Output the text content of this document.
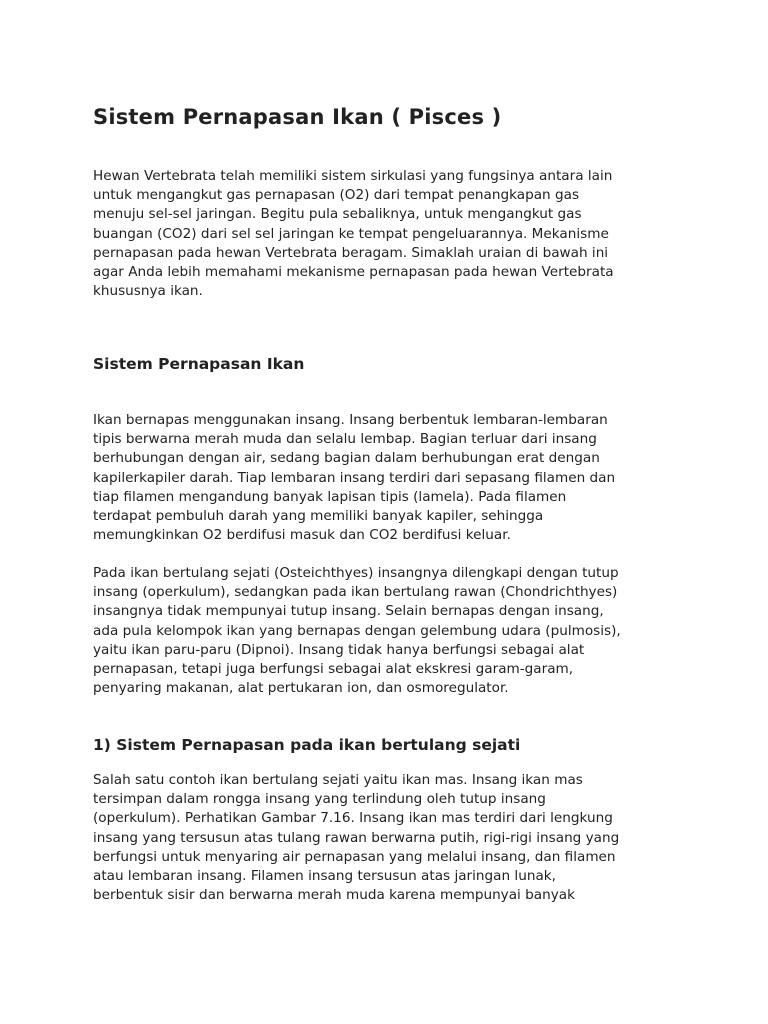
Sistem Pernapasan Ikan ( Pisces )

Hewan Vertebrata telah memiliki sistem sirkulasi yang fungsinya antara lain
untuk mengangkut gas pernapasan (O2) dari tempat penangkapan gas
menuju sel-sel jaringan. Begitu pula sebaliknya, untuk mengangkut gas
buangan (CO2) dari sel sel jaringan ke tempat pengeluarannya. Mekanisme
pernapasan pada hewan Vertebrata beragam. Simaklah uraian di bawah ini
agar Anda lebih memahami mekanisme pernapasan pada hewan Vertebrata
khususnya ikan.

Sistem Pernapasan Ikan

Ikan bernapas menggunakan insang. Insang berbentuk lembaran-lembaran
tipis berwarna merah muda dan selalu lembap. Bagian terluar dari insang
berhubungan dengan air, sedang bagian dalam berhubungan erat dengan
kapilerkapiler darah. Tiap lembaran insang terdiri dari sepasang filamen dan
tiap filamen mengandung banyak lapisan tipis (lamela). Pada filamen
terdapat pembuluh darah yang memiliki banyak kapiler, sehingga
memungkinkan O2 berdifusi masuk dan CO2 berdifusi keluar.

Pada ikan bertulang sejati (Osteichthyes) insangnya dilengkapi dengan tutup
insang (operkulum), sedangkan pada ikan bertulang rawan (Chondrichthyes)
insangnya tidak mempunyai tutup insang. Selain bernapas dengan insang,
ada pula kelompok ikan yang bernapas dengan gelembung udara (pulmosis),
yaitu ikan paru-paru (Dipnoi). Insang tidak hanya berfungsi sebagai alat
pernapasan, tetapi juga berfungsi sebagai alat ekskresi garam-garam,
penyaring makanan, alat pertukaran ion, dan osmoregulator.

1) Sistem Pernapasan pada ikan bertulang sejati

Salah satu contoh ikan bertulang sejati yaitu ikan mas. Insang ikan mas
tersimpan dalam rongga insang yang terlindung oleh tutup insang
(operkulum). Perhatikan Gambar 7.16. Insang ikan mas terdiri dari lengkung
insang yang tersusun atas tulang rawan berwarna putih, rigi-rigi insang yang
berfungsi untuk menyaring air pernapasan yang melalui insang, dan filamen
atau lembaran insang. Filamen insang tersusun atas jaringan lunak,
berbentuk sisir dan berwarna merah muda karena mempunyai banyak
